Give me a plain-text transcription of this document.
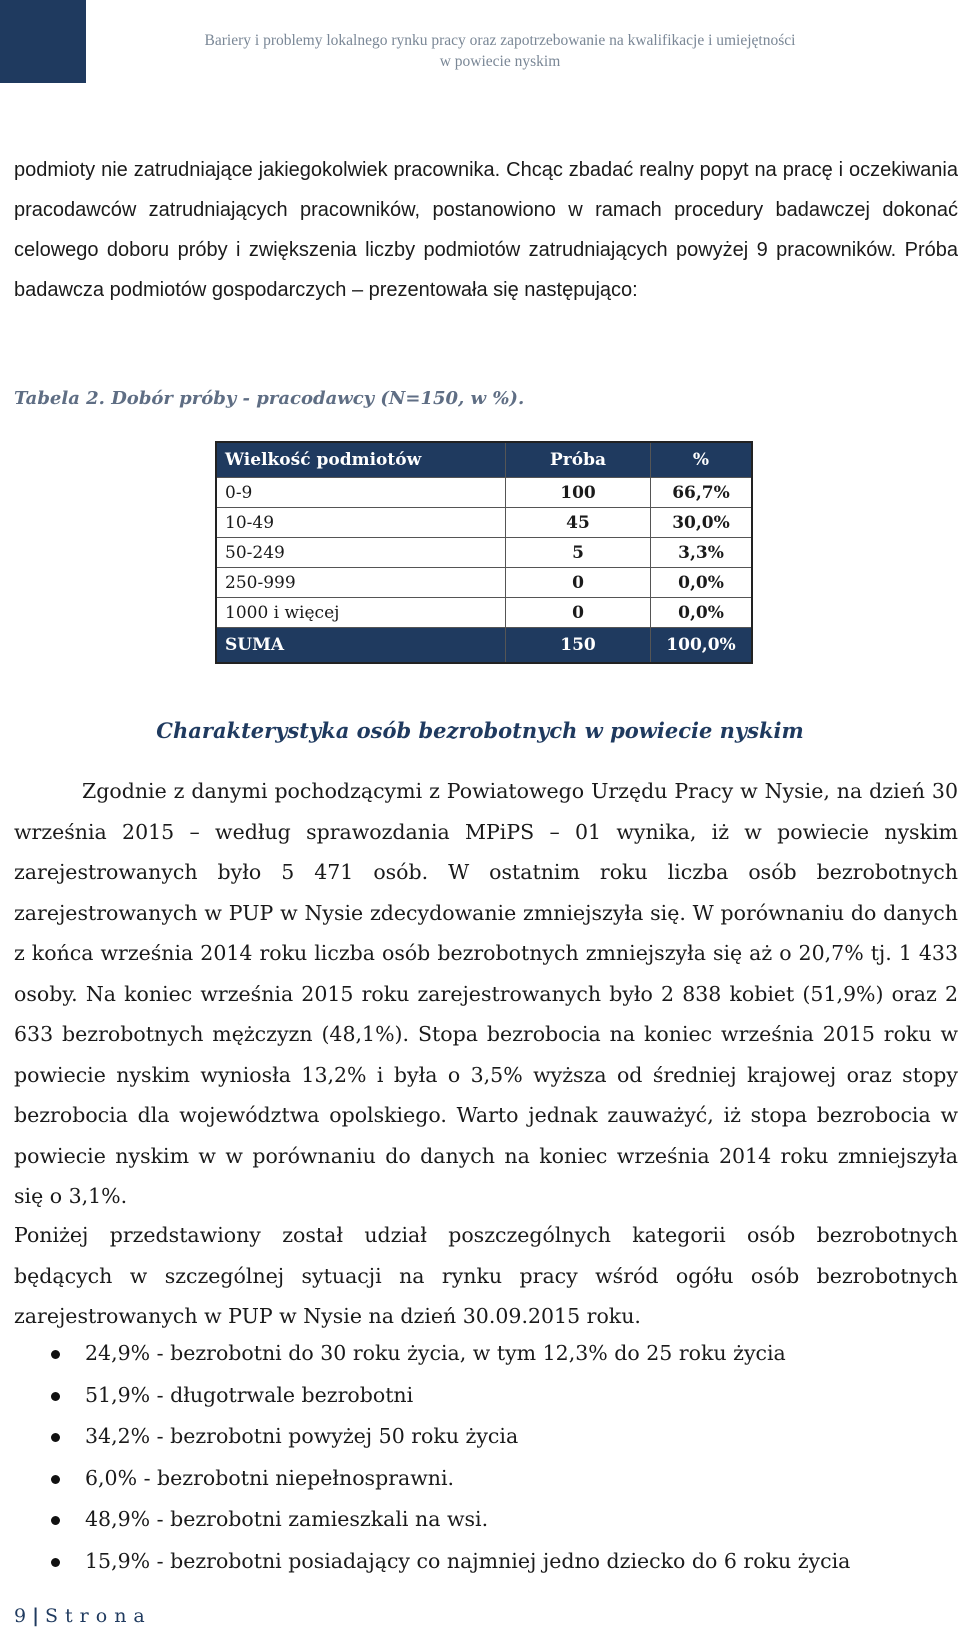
Bariery i problemy lokalnego rynku pracy oraz zapotrzebowanie na kwalifikacje i umiejętności
w powiecie nyskim

podmioty nie zatrudniające jakiegokolwiek pracownika. Chcąc zbadać realny popyt na pracę i oczekiwania pracodawców zatrudniających pracowników, postanowiono w ramach procedury badawczej dokonać celowego doboru próby i zwiększenia liczby podmiotów zatrudniających powyżej 9 pracowników. Próba badawcza podmiotów gospodarczych – prezentowała się następująco:

Tabela 2. Dobór próby - pracodawcy (N=150, w %).

Wielkość podmiotów	Próba	%
0-9	100	66,7%
10-49	45	30,0%
50-249	5	3,3%
250-999	0	0,0%
1000 i więcej	0	0,0%
SUMA	150	100,0%
Charakterystyka osób bezrobotnych w powiecie nyskim

Zgodnie z danymi pochodzącymi z Powiatowego Urzędu Pracy w Nysie, na dzień 30 września 2015 – według sprawozdania MPiPS – 01 wynika, iż w powiecie nyskim zarejestrowanych było 5 471 osób. W ostatnim roku liczba osób bezrobotnych zarejestrowanych w PUP w Nysie zdecydowanie zmniejszyła się. W porównaniu do danych z końca września 2014 roku liczba osób bezrobotnych zmniejszyła się aż o 20,7% tj. 1 433 osoby. Na koniec września 2015 roku zarejestrowanych było 2 838 kobiet (51,9%) oraz 2 633 bezrobotnych mężczyzn (48,1%). Stopa bezrobocia na koniec września 2015 roku w powiecie nyskim wyniosła 13,2% i była o 3,5% wyższa od średniej krajowej oraz stopy bezrobocia dla województwa opolskiego. Warto jednak zauważyć, iż stopa bezrobocia w powiecie nyskim w w porównaniu do danych na koniec września 2014 roku zmniejszyła się o 3,1%.

Poniżej przedstawiony został udział poszczególnych kategorii osób bezrobotnych będących w szczególnej sytuacji na rynku pracy wśród ogółu osób bezrobotnych zarejestrowanych w PUP w Nysie na dzień 30.09.2015 roku.

24,9% - bezrobotni do 30 roku życia, w tym 12,3% do 25 roku życia
51,9% - długotrwale bezrobotni
34,2% - bezrobotni powyżej 50 roku życia
6,0% - bezrobotni niepełnosprawni.
48,9% - bezrobotni zamieszkali na wsi.
15,9% - bezrobotni posiadający co najmniej jedno dziecko do 6 roku życia
9 | Strona
